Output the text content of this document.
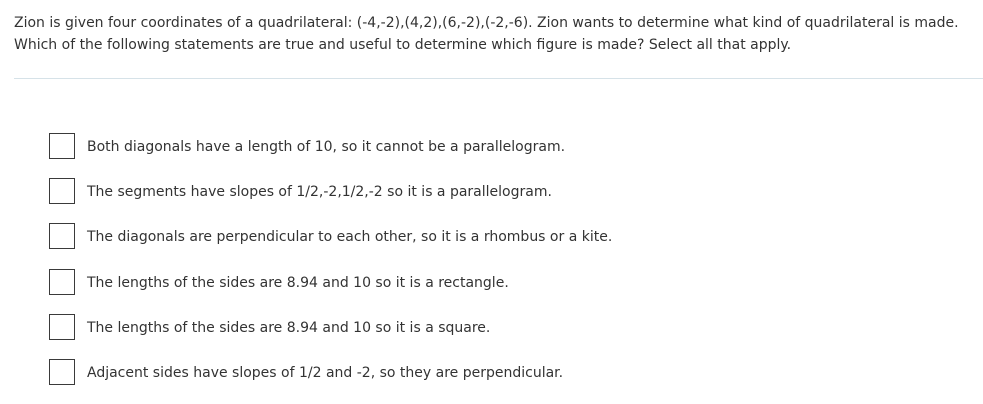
Zion is given four coordinates of a quadrilateral: (-4,-2),(4,2),(6,-2),(-2,-6). Zion wants to determine what kind of quadrilateral is made.

Which of the following statements are true and useful to determine which figure is made? Select all that apply.

Both diagonals have a length of 10, so it cannot be a parallelogram.
The segments have slopes of 1/2,-2,1/2,-2 so it is a parallelogram.
The diagonals are perpendicular to each other, so it is a rhombus or a kite.
The lengths of the sides are 8.94 and 10 so it is a rectangle.
The lengths of the sides are 8.94 and 10 so it is a square.
Adjacent sides have slopes of 1/2 and -2, so they are perpendicular.
